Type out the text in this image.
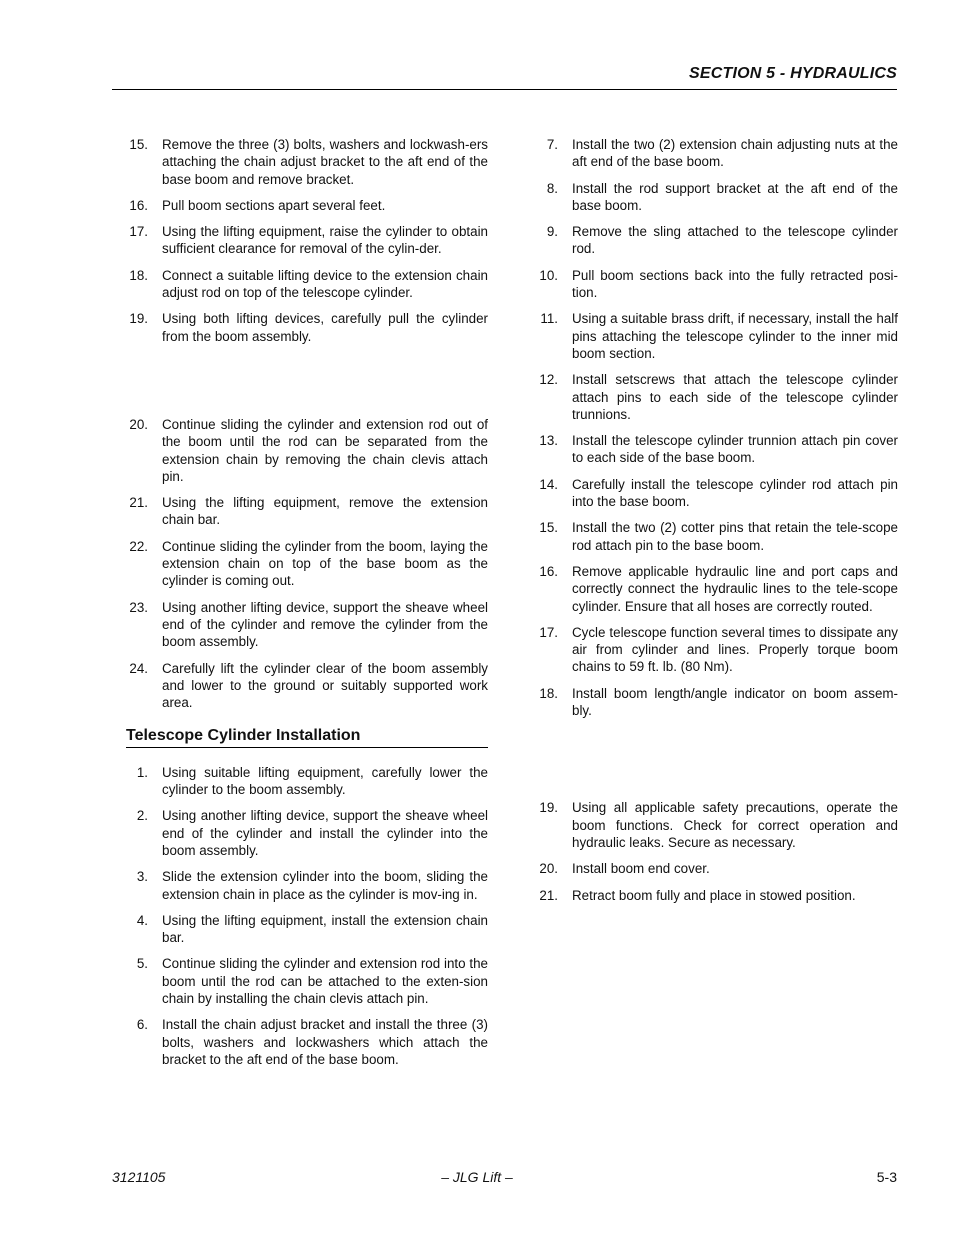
SECTION 5 - HYDRAULICS
15. Remove the three (3) bolts, washers and lockwash-ers attaching the chain adjust bracket to the aft end of the base boom and remove bracket.
16. Pull boom sections apart several feet.
17. Using the lifting equipment, raise the cylinder to obtain sufficient clearance for removal of the cylin-der.
18. Connect a suitable lifting device to the extension chain adjust rod on top of the telescope cylinder.
19. Using both lifting devices, carefully pull the cylinder from the boom assembly.
20. Continue sliding the cylinder and extension rod out of the boom until the rod can be separated from the extension chain by removing the chain clevis attach pin.
21. Using the lifting equipment, remove the extension chain bar.
22. Continue sliding the cylinder from the boom, laying the extension chain on top of the base boom as the cylinder is coming out.
23. Using another lifting device, support the sheave wheel end of the cylinder and remove the cylinder from the boom assembly.
24. Carefully lift the cylinder clear of the boom assembly and lower to the ground or suitably supported work area.
Telescope Cylinder Installation
1. Using suitable lifting equipment, carefully lower the cylinder to the boom assembly.
2. Using another lifting device, support the sheave wheel end of the cylinder and install the cylinder into the boom assembly.
3. Slide the extension cylinder into the boom, sliding the extension chain in place as the cylinder is mov-ing in.
4. Using the lifting equipment, install the extension chain bar.
5. Continue sliding the cylinder and extension rod into the boom until the rod can be attached to the exten-sion chain by installing the chain clevis attach pin.
6. Install the chain adjust bracket and install the three (3) bolts, washers and lockwashers which attach the bracket to the aft end of the base boom.
7. Install the two (2) extension chain adjusting nuts at the aft end of the base boom.
8. Install the rod support bracket at the aft end of the base boom.
9. Remove the sling attached to the telescope cylinder rod.
10. Pull boom sections back into the fully retracted posi-tion.
11. Using a suitable brass drift, if necessary, install the half pins attaching the telescope cylinder to the inner mid boom section.
12. Install setscrews that attach the telescope cylinder attach pins to each side of the telescope cylinder trunnions.
13. Install the telescope cylinder trunnion attach pin cover to each side of the base boom.
14. Carefully install the telescope cylinder rod attach pin into the base boom.
15. Install the two (2) cotter pins that retain the tele-scope rod attach pin to the base boom.
16. Remove applicable hydraulic line and port caps and correctly connect the hydraulic lines to the tele-scope cylinder. Ensure that all hoses are correctly routed.
17. Cycle telescope function several times to dissipate any air from cylinder and lines. Properly torque boom chains to 59 ft. lb. (80 Nm).
18. Install boom length/angle indicator on boom assem-bly.
19. Using all applicable safety precautions, operate the boom functions. Check for correct operation and hydraulic leaks. Secure as necessary.
20. Install boom end cover.
21. Retract boom fully and place in stowed position.
3121105	– JLG Lift –	5-3
